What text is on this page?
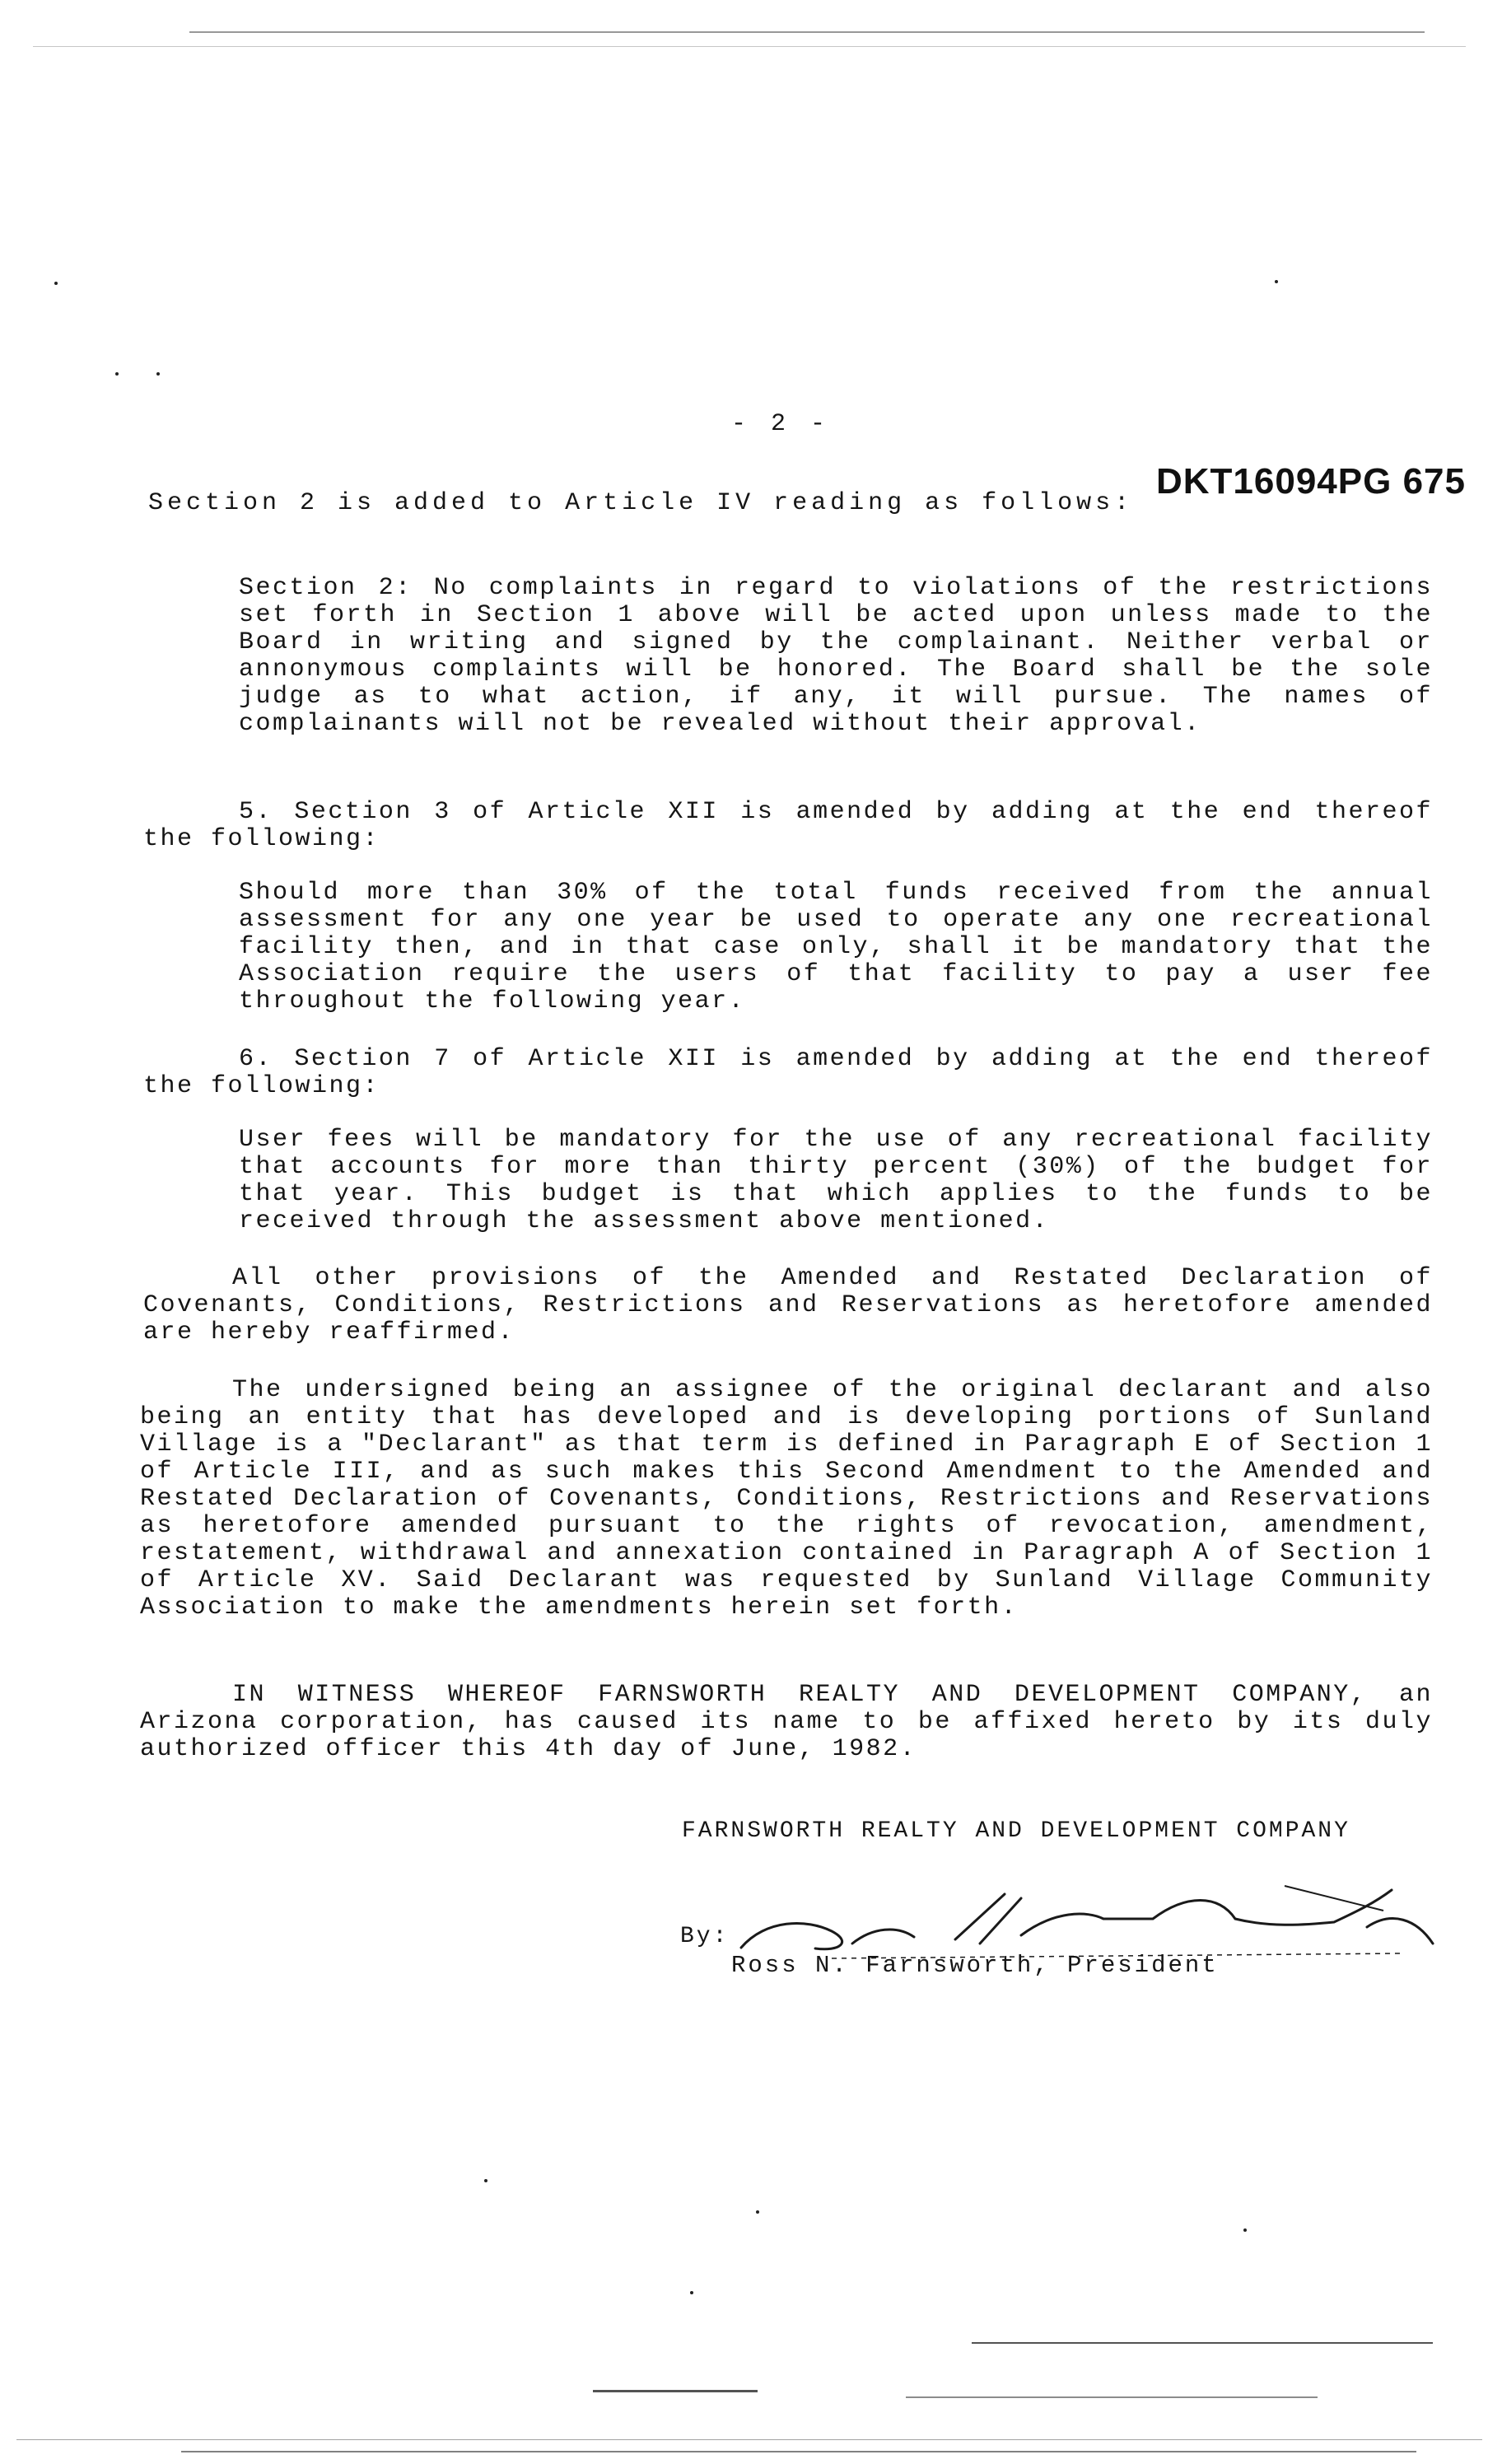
- 2 -
Section 2 is added to Article IV reading as follows:
DKT16094PG 675

Section 2: No complaints in regard to violations of the restrictions set forth in Section 1 above will be acted upon unless made to the Board in writing and signed by the complainant. Neither verbal or annonymous complaints will be honored. The Board shall be the sole judge as to what action, if any, it will pursue. The names of complainants will not be revealed without their approval.

5. Section 3 of Article XII is amended by adding at the end thereof the following:

Should more than 30% of the total funds received from the annual assessment for any one year be used to operate any one recreational facility then, and in that case only, shall it be mandatory that the Association require the users of that facility to pay a user fee throughout the following year.

6. Section 7 of Article XII is amended by adding at the end thereof the following:

User fees will be mandatory for the use of any recreational facility that accounts for more than thirty percent (30%) of the budget for that year. This budget is that which applies to the funds to be received through the assessment above mentioned.

All other provisions of the Amended and Restated Declaration of Covenants, Conditions, Restrictions and Reservations as heretofore amended are hereby reaffirmed.

The undersigned being an assignee of the original declarant and also being an entity that has developed and is developing portions of Sunland Village is a "Declarant" as that term is defined in Paragraph E of Section 1 of Article III, and as such makes this Second Amendment to the Amended and Restated Declaration of Covenants, Conditions, Restrictions and Reservations as heretofore amended pursuant to the rights of revocation, amendment, restatement, withdrawal and annexation contained in Paragraph A of Section 1 of Article XV. Said Declarant was requested by Sunland Village Community Association to make the amendments herein set forth.

IN WITNESS WHEREOF FARNSWORTH REALTY AND DEVELOPMENT COMPANY, an Arizona corporation, has caused its name to be affixed hereto by its duly authorized officer this 4th day of June, 1982.

FARNSWORTH REALTY AND DEVELOPMENT COMPANY
By:
Ross N. Farnsworth, President
